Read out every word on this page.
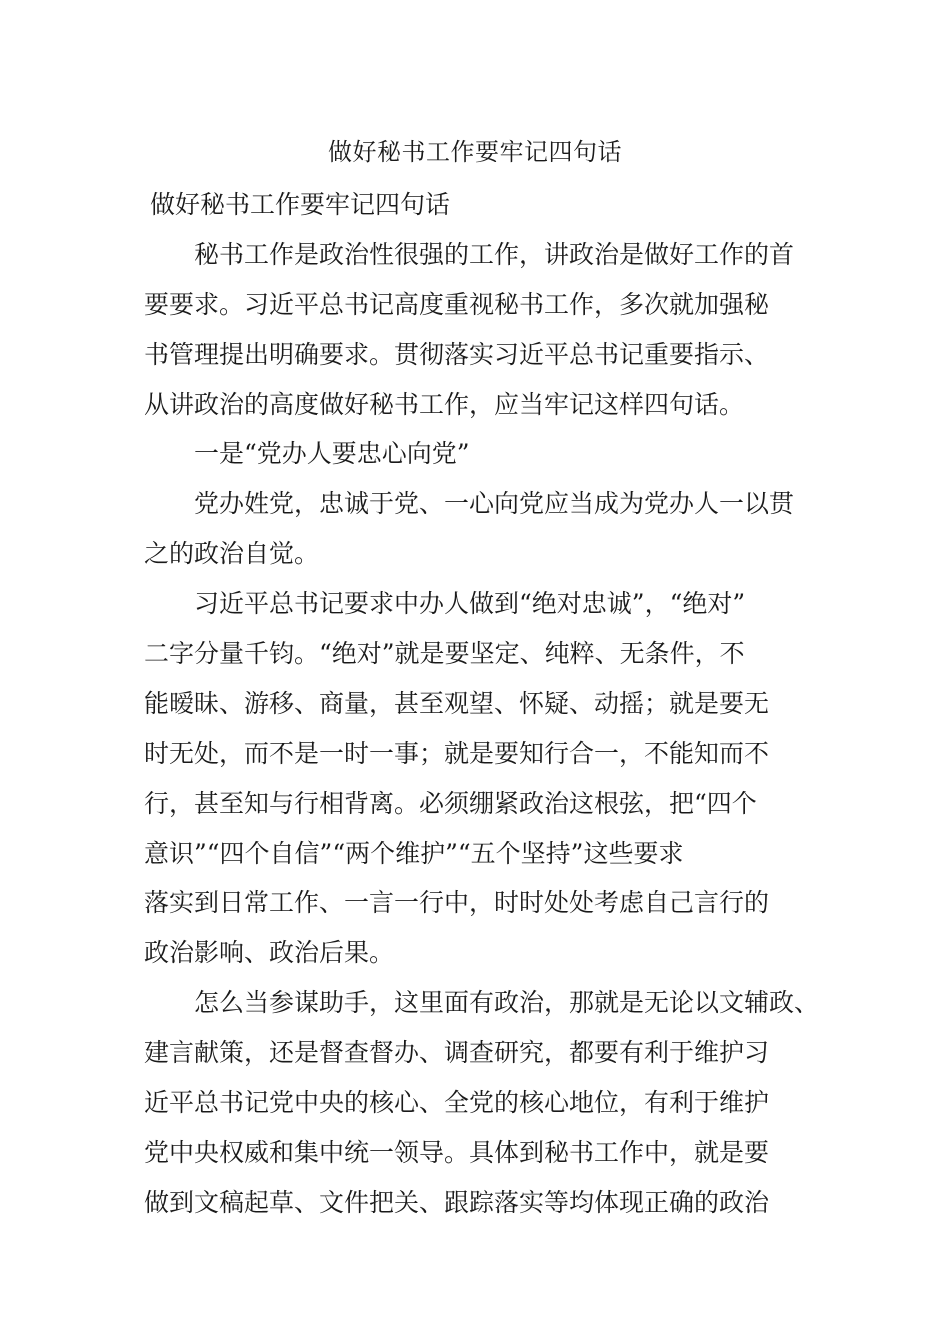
做好秘书工作要牢记四句话
做好秘书工作要牢记四句话
秘书工作是政治性很强的工作，讲政治是做好工作的首
要要求。习近平总书记高度重视秘书工作，多次就加强秘
书管理提出明确要求。贯彻落实习近平总书记重要指示、
从讲政治的高度做好秘书工作，应当牢记这样四句话。
一是“党办人要忠心向党”
党办姓党，忠诚于党、一心向党应当成为党办人一以贯
之的政治自觉。
习近平总书记要求中办人做到“绝对忠诚”，“绝对”
二字分量千钧。“绝对”就是要坚定、纯粹、无条件，不
能暧昧、游移、商量，甚至观望、怀疑、动摇；就是要无
时无处，而不是一时一事；就是要知行合一，不能知而不
行，甚至知与行相背离。必须绷紧政治这根弦，把“四个
意识”“四个自信”“两个维护”“五个坚持”这些要求
落实到日常工作、一言一行中，时时处处考虑自己言行的
政治影响、政治后果。
怎么当参谋助手，这里面有政治，那就是无论以文辅政、
建言献策，还是督查督办、调查研究，都要有利于维护习
近平总书记党中央的核心、全党的核心地位，有利于维护
党中央权威和集中统一领导。具体到秘书工作中，就是要
做到文稿起草、文件把关、跟踪落实等均体现正确的政治
